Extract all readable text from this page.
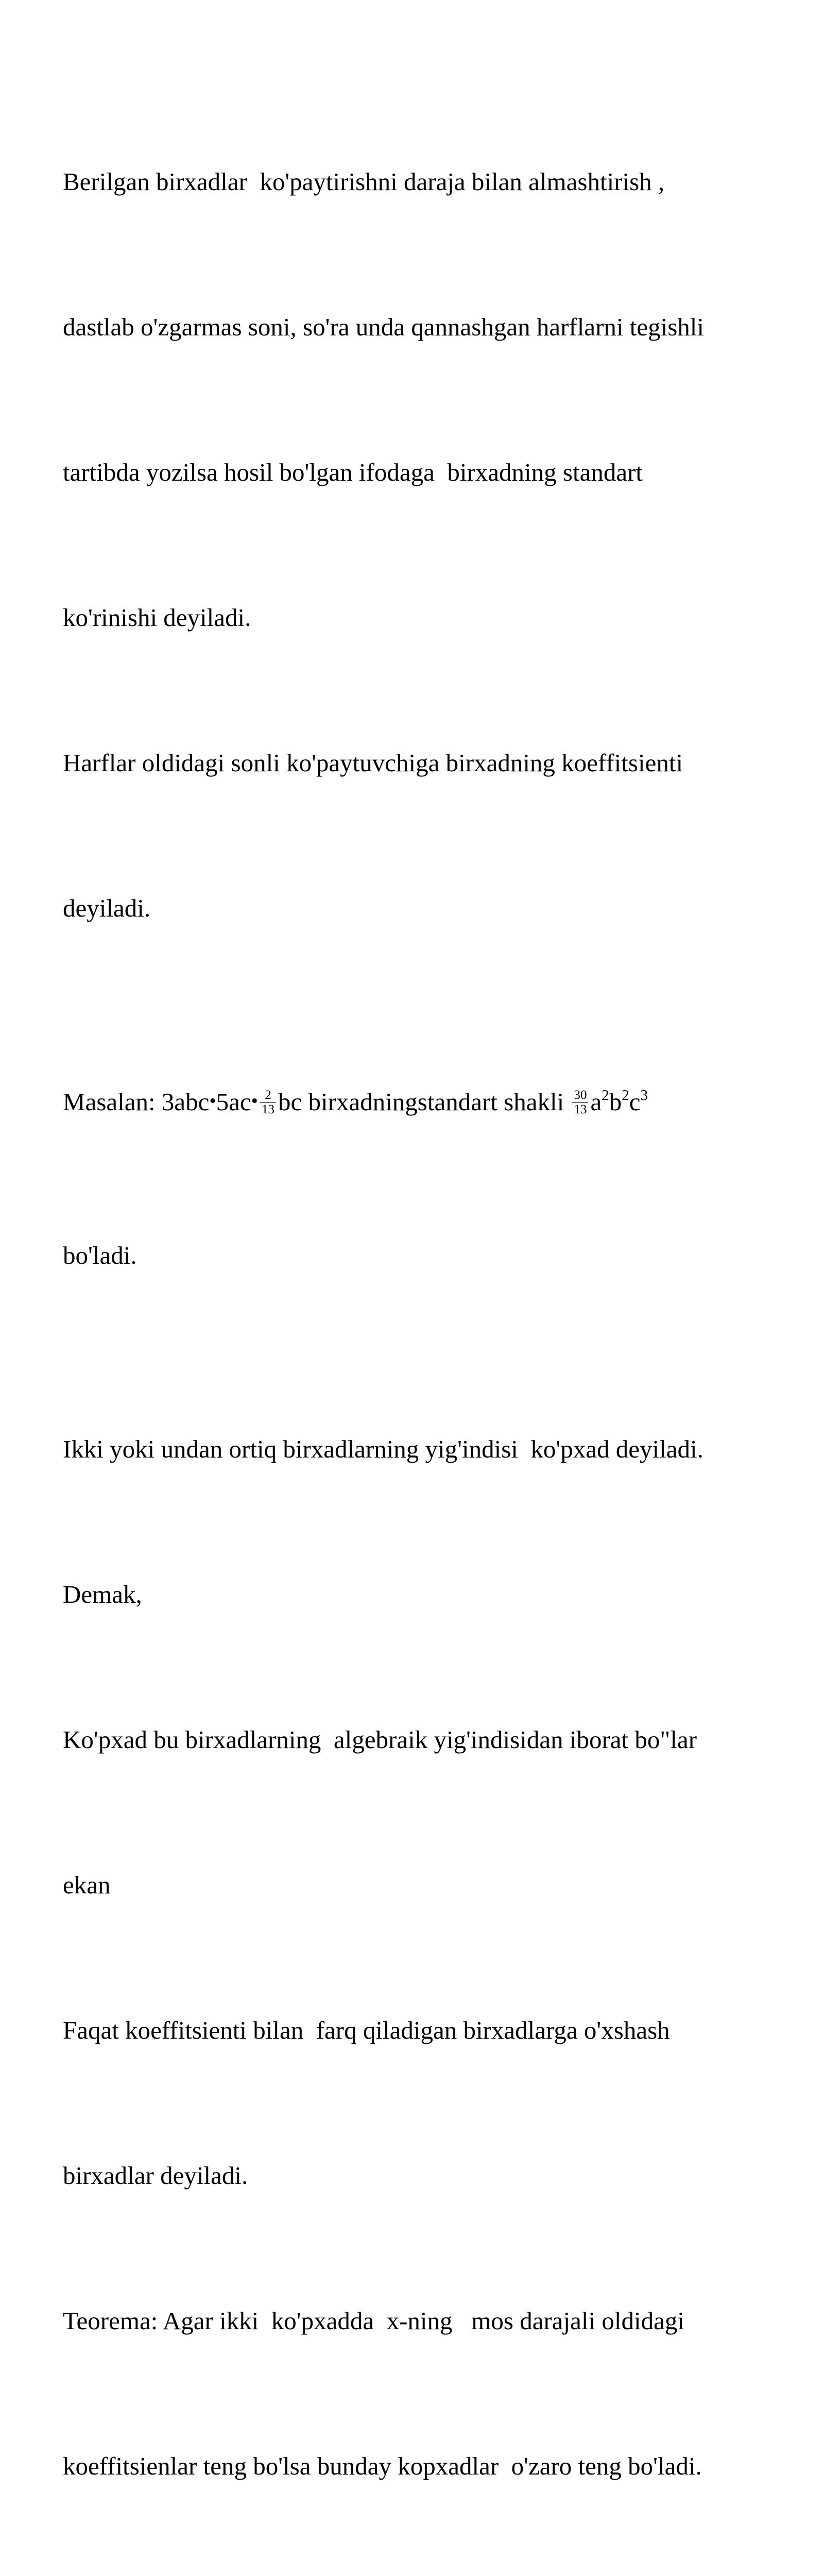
Berilgan birxadlar  ko'paytirishni daraja bilan almashtirish ,

dastlab o'zgarmas soni, so'ra unda qannashgan harflarni tegishli

tartibda yozilsa hosil bo'lgan ifodaga  birxadning standart

ko'rinishi deyiladi.

Harflar oldidagi sonli ko'paytuvchiga birxadning koeffitsienti

deyiladi.

Masalan: 3abc•5ac• $\frac{2}{13}$ bc birxadningstandart shakli $\frac{30}{13} a^2b^2c^3$

bo'ladi.

Ikki yoki undan ortiq birxadlarning yig'indisi  ko'pxad deyiladi.

Demak,

Ko'pxad bu birxadlarning  algebraik yig'indisidan iborat bo"lar

ekan

Faqat koeffitsienti bilan  farq qiladigan birxadlarga o'xshash

birxadlar deyiladi.

Teorema: Agar ikki  ko'pxadda  x-ning   mos darajali oldidagi

koeffitsienlar teng bo'lsa bunday kopxadlar  o'zaro teng bo'ladi.
